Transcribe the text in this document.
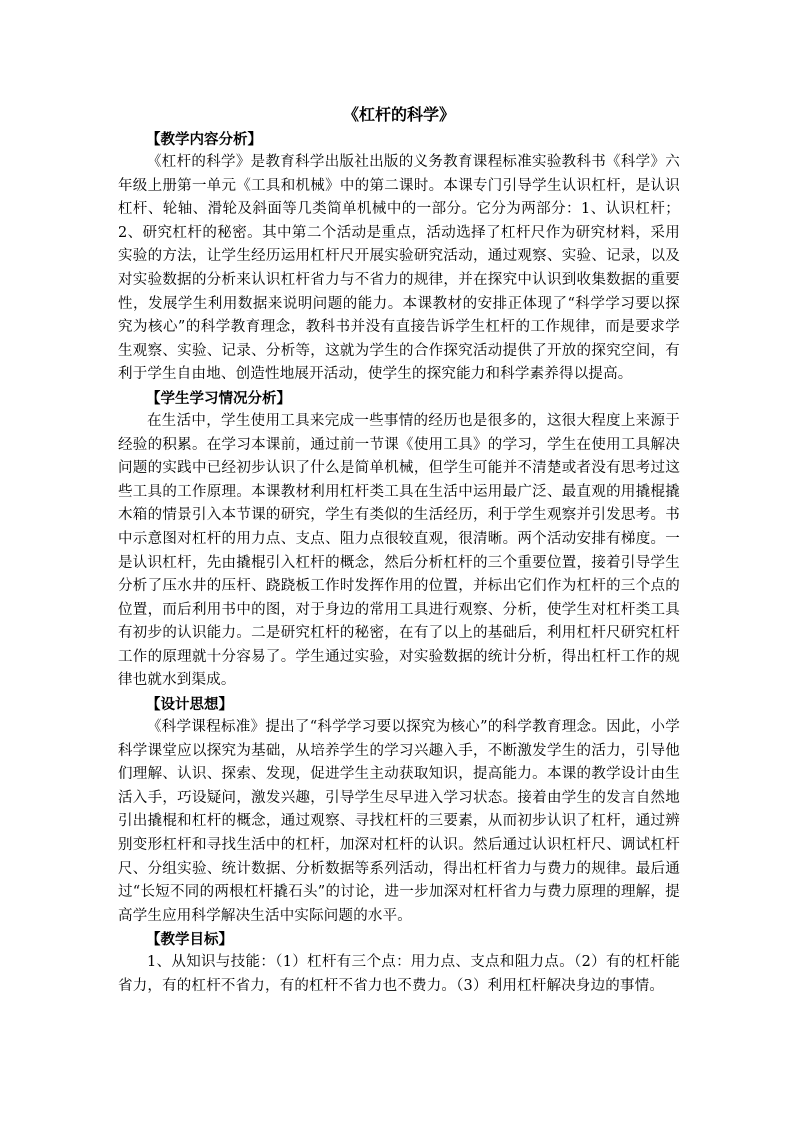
《杠杆的科学》
【教学内容分析】

《杠杆的科学》是教育科学出版社出版的义务教育课程标准实验教科书《科学》六年级上册第一单元《工具和机械》中的第二课时。本课专门引导学生认识杠杆，是认识杠杆、轮轴、滑轮及斜面等几类简单机械中的一部分。它分为两部分：1、认识杠杆；2、研究杠杆的秘密。其中第二个活动是重点，活动选择了杠杆尺作为研究材料，采用实验的方法，让学生经历运用杠杆尺开展实验研究活动，通过观察、实验、记录，以及对实验数据的分析来认识杠杆省力与不省力的规律，并在探究中认识到收集数据的重要性，发展学生利用数据来说明问题的能力。本课教材的安排正体现了“科学学习要以探究为核心”的科学教育理念，教科书并没有直接告诉学生杠杆的工作规律，而是要求学生观察、实验、记录、分析等，这就为学生的合作探究活动提供了开放的探究空间，有利于学生自由地、创造性地展开活动，使学生的探究能力和科学素养得以提高。

【学生学习情况分析】

在生活中，学生使用工具来完成一些事情的经历也是很多的，这很大程度上来源于经验的积累。在学习本课前，通过前一节课《使用工具》的学习，学生在使用工具解决问题的实践中已经初步认识了什么是简单机械，但学生可能并不清楚或者没有思考过这些工具的工作原理。本课教材利用杠杆类工具在生活中运用最广泛、最直观的用撬棍撬木箱的情景引入本节课的研究，学生有类似的生活经历，利于学生观察并引发思考。书中示意图对杠杆的用力点、支点、阻力点很较直观，很清晰。两个活动安排有梯度。一是认识杠杆，先由撬棍引入杠杆的概念，然后分析杠杆的三个重要位置，接着引导学生分析了压水井的压杆、跷跷板工作时发挥作用的位置，并标出它们作为杠杆的三个点的位置，而后利用书中的图，对于身边的常用工具进行观察、分析，使学生对杠杆类工具有初步的认识能力。二是研究杠杆的秘密，在有了以上的基础后，利用杠杆尺研究杠杆工作的原理就十分容易了。学生通过实验，对实验数据的统计分析，得出杠杆工作的规律也就水到渠成。

【设计思想】

《科学课程标准》提出了“科学学习要以探究为核心”的科学教育理念。因此，小学科学课堂应以探究为基础，从培养学生的学习兴趣入手，不断激发学生的活力，引导他们理解、认识、探索、发现，促进学生主动获取知识，提高能力。本课的教学设计由生活入手，巧设疑问，激发兴趣，引导学生尽早进入学习状态。接着由学生的发言自然地引出撬棍和杠杆的概念，通过观察、寻找杠杆的三要素，从而初步认识了杠杆，通过辨别变形杠杆和寻找生活中的杠杆，加深对杠杆的认识。然后通过认识杠杆尺、调试杠杆尺、分组实验、统计数据、分析数据等系列活动，得出杠杆省力与费力的规律。最后通过“长短不同的两根杠杆撬石头”的讨论，进一步加深对杠杆省力与费力原理的理解，提高学生应用科学解决生活中实际问题的水平。

【教学目标】

1、从知识与技能：（1）杠杆有三个点：用力点、支点和阻力点。（2）有的杠杆能省力，有的杠杆不省力，有的杠杆不省力也不费力。（3）利用杠杆解决身边的事情。
